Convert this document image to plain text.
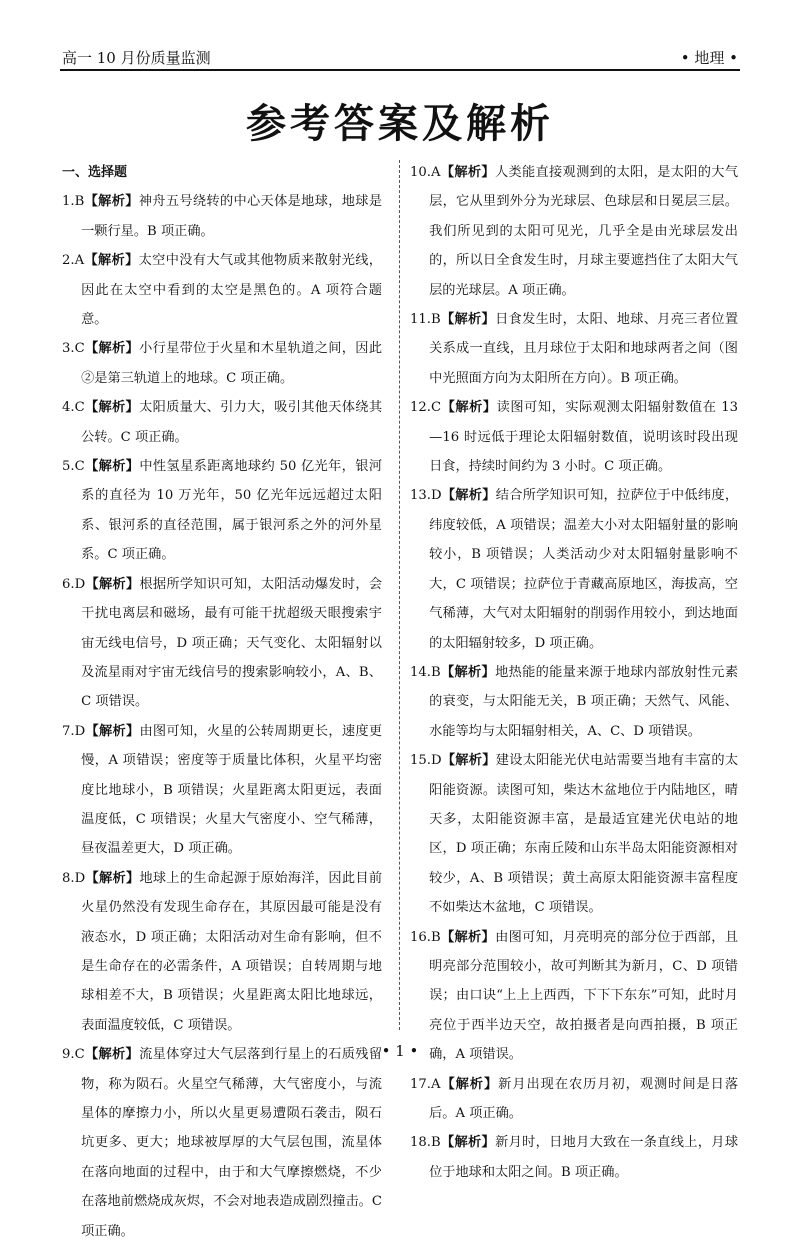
高一 10 月份质量监测	• 地理 •
参考答案及解析
一、选择题

1.B【解析】神舟五号绕转的中心天体是地球，地球是一颗行星。B 项正确。

2.A【解析】太空中没有大气或其他物质来散射光线，因此在太空中看到的太空是黑色的。A 项符合题意。

3.C【解析】小行星带位于火星和木星轨道之间，因此②是第三轨道上的地球。C 项正确。

4.C【解析】太阳质量大、引力大，吸引其他天体绕其公转。C 项正确。

5.C【解析】中性氢星系距离地球约 50 亿光年，银河系的直径为 10 万光年，50 亿光年远远超过太阳系、银河系的直径范围，属于银河系之外的河外星系。C 项正确。

6.D【解析】根据所学知识可知，太阳活动爆发时，会干扰电离层和磁场，最有可能干扰超级天眼搜索宇宙无线电信号，D 项正确；天气变化、太阳辐射以及流星雨对宇宙无线信号的搜索影响较小，A、B、C 项错误。

7.D【解析】由图可知，火星的公转周期更长，速度更慢，A 项错误；密度等于质量比体积，火星平均密度比地球小，B 项错误；火星距离太阳更远，表面温度低，C 项错误；火星大气密度小、空气稀薄，昼夜温差更大，D 项正确。

8.D【解析】地球上的生命起源于原始海洋，因此目前火星仍然没有发现生命存在，其原因最可能是没有液态水，D 项正确；太阳活动对生命有影响，但不是生命存在的必需条件，A 项错误；自转周期与地球相差不大，B 项错误；火星距离太阳比地球远，表面温度较低，C 项错误。

9.C【解析】流星体穿过大气层落到行星上的石质残留物，称为陨石。火星空气稀薄，大气密度小，与流星体的摩擦力小，所以火星更易遭陨石袭击，陨石坑更多、更大；地球被厚厚的大气层包围，流星体在落向地面的过程中，由于和大气摩擦燃烧，不少在落地前燃烧成灰烬，不会对地表造成剧烈撞击。C 项正确。

10.A【解析】人类能直接观测到的太阳，是太阳的大气层，它从里到外分为光球层、色球层和日冕层三层。我们所见到的太阳可见光，几乎全是由光球层发出的，所以日全食发生时，月球主要遮挡住了太阳大气层的光球层。A 项正确。

11.B【解析】日食发生时，太阳、地球、月亮三者位置关系成一直线，且月球位于太阳和地球两者之间（图中光照面方向为太阳所在方向）。B 项正确。

12.C【解析】读图可知，实际观测太阳辐射数值在 13—16 时远低于理论太阳辐射数值，说明该时段出现日食，持续时间约为 3 小时。C 项正确。

13.D【解析】结合所学知识可知，拉萨位于中低纬度，纬度较低，A 项错误；温差大小对太阳辐射量的影响较小，B 项错误；人类活动少对太阳辐射量影响不大，C 项错误；拉萨位于青藏高原地区，海拔高，空气稀薄，大气对太阳辐射的削弱作用较小，到达地面的太阳辐射较多，D 项正确。

14.B【解析】地热能的能量来源于地球内部放射性元素的衰变，与太阳能无关，B 项正确；天然气、风能、水能等均与太阳辐射相关，A、C、D 项错误。

15.D【解析】建设太阳能光伏电站需要当地有丰富的太阳能资源。读图可知，柴达木盆地位于内陆地区，晴天多，太阳能资源丰富，是最适宜建光伏电站的地区，D 项正确；东南丘陵和山东半岛太阳能资源相对较少，A、B 项错误；黄土高原太阳能资源丰富程度不如柴达木盆地，C 项错误。

16.B【解析】由图可知，月亮明亮的部分位于西部，且明亮部分范围较小，故可判断其为新月，C、D 项错误；由口诀“上上上西西，下下下东东”可知，此时月亮位于西半边天空，故拍摄者是向西拍摄，B 项正确，A 项错误。

17.A【解析】新月出现在农历月初，观测时间是日落后。A 项正确。

18.B【解析】新月时，日地月大致在一条直线上，月球位于地球和太阳之间。B 项正确。

• 1 •
